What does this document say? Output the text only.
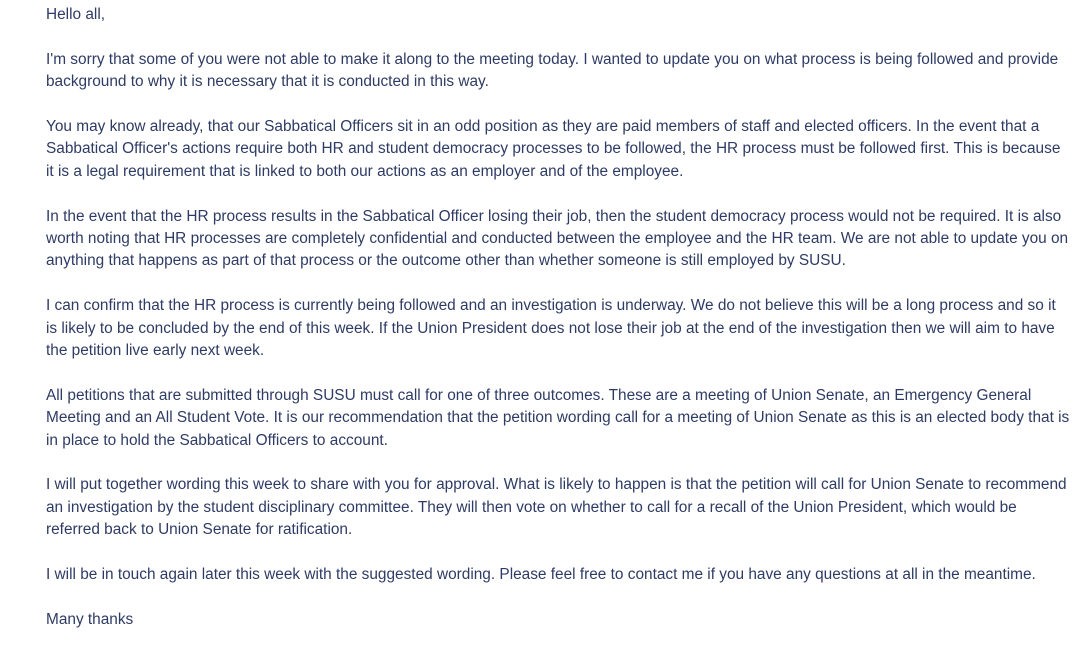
Hello all,

I'm sorry that some of you were not able to make it along to the meeting today. I wanted to update you on what process is being followed and provide background to why it is necessary that it is conducted in this way.

You may know already, that our Sabbatical Officers sit in an odd position as they are paid members of staff and elected officers. In the event that a Sabbatical Officer's actions require both HR and student democracy processes to be followed, the HR process must be followed first. This is because it is a legal requirement that is linked to both our actions as an employer and of the employee.

In the event that the HR process results in the Sabbatical Officer losing their job, then the student democracy process would not be required. It is also worth noting that HR processes are completely confidential and conducted between the employee and the HR team. We are not able to update you on anything that happens as part of that process or the outcome other than whether someone is still employed by SUSU.

I can confirm that the HR process is currently being followed and an investigation is underway. We do not believe this will be a long process and so it is likely to be concluded by the end of this week. If the Union President does not lose their job at the end of the investigation then we will aim to have the petition live early next week.

All petitions that are submitted through SUSU must call for one of three outcomes. These are a meeting of Union Senate, an Emergency General Meeting and an All Student Vote. It is our recommendation that the petition wording call for a meeting of Union Senate as this is an elected body that is in place to hold the Sabbatical Officers to account.

I will put together wording this week to share with you for approval. What is likely to happen is that the petition will call for Union Senate to recommend an investigation by the student disciplinary committee. They will then vote on whether to call for a recall of the Union President, which would be referred back to Union Senate for ratification.

I will be in touch again later this week with the suggested wording. Please feel free to contact me if you have any questions at all in the meantime.

Many thanks
